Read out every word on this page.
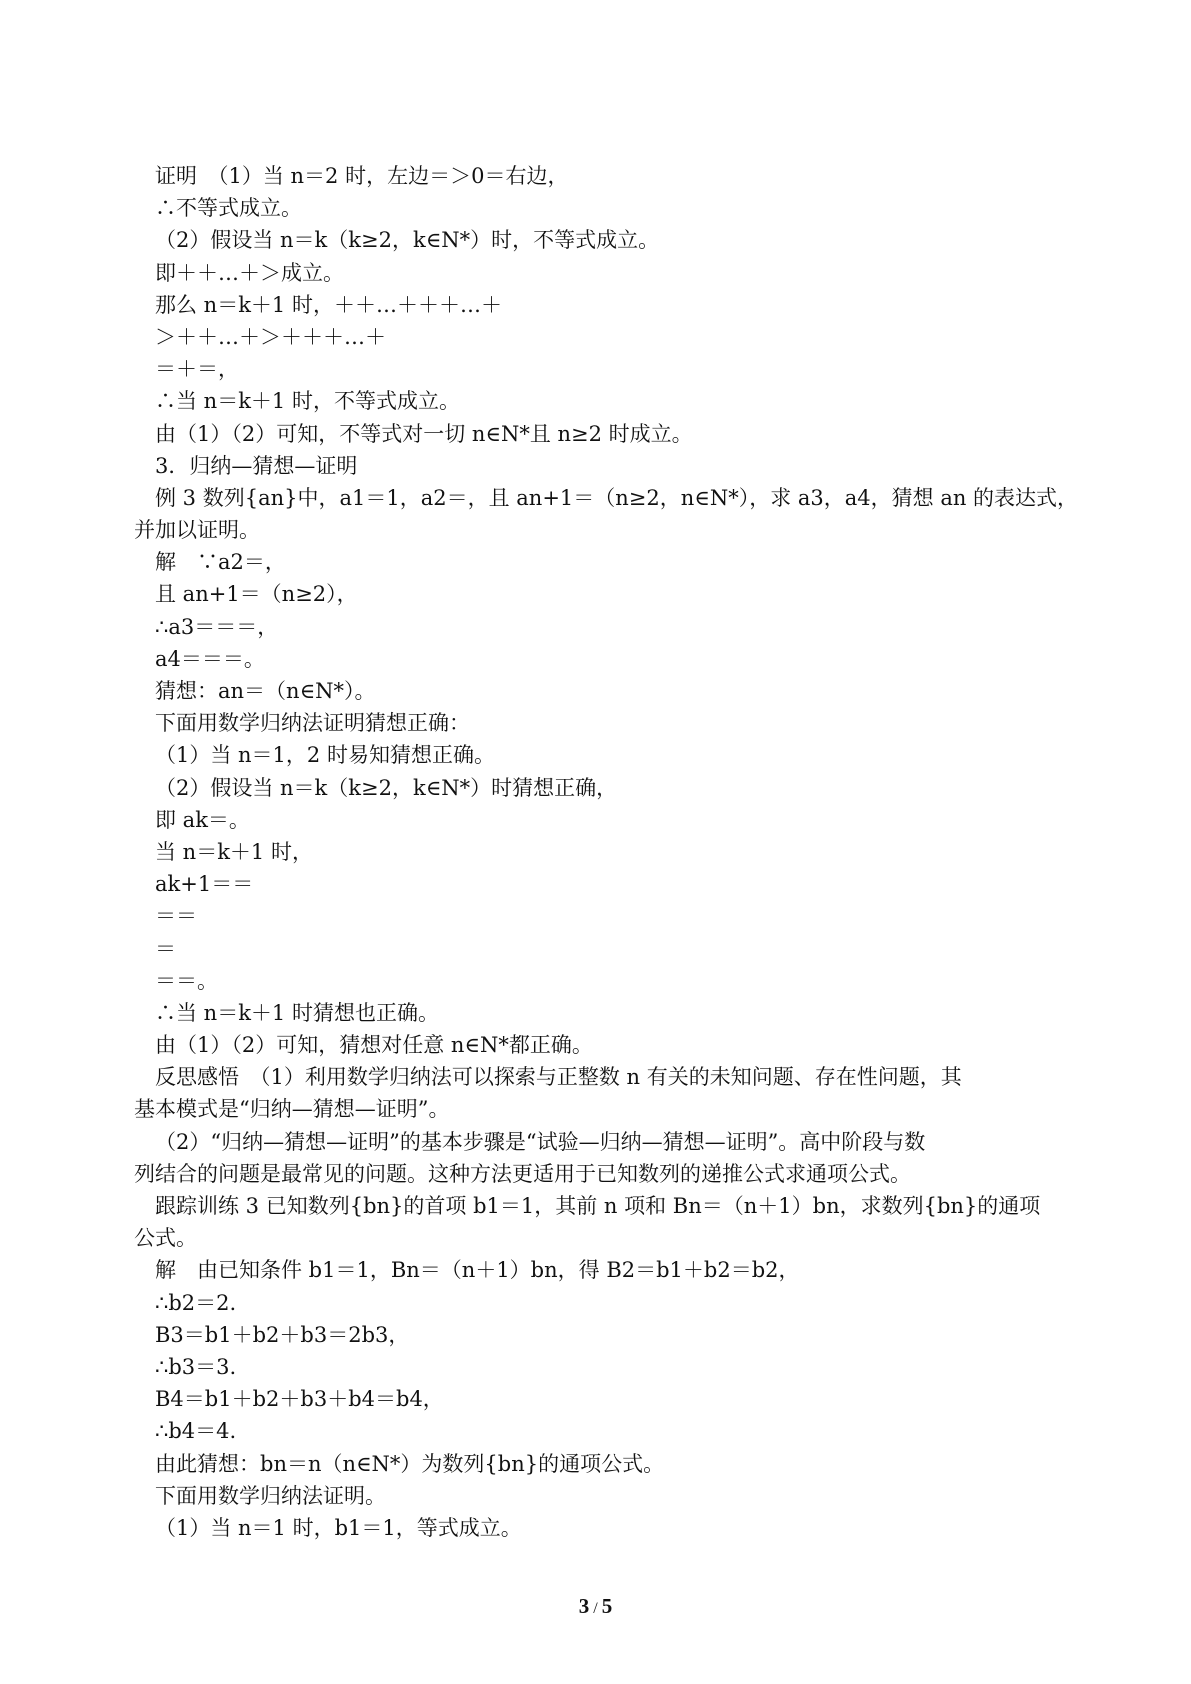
证明　（1）当 n＝2 时，左边＝＞0＝右边，
∴不等式成立。
（2）假设当 n＝k（k≥2，k∈N*）时，不等式成立。
即＋＋…＋＞成立。
那么 n＝k＋1 时，＋＋…＋＋＋…＋
＞＋＋…＋＞＋＋＋…＋
＝＋＝，
∴当 n＝k＋1 时，不等式成立。
由（1）（2）可知，不等式对一切 n∈N*且 n≥2 时成立。
3．归纳—猜想—证明
例 3 数列{an}中，a1＝1，a2＝，且 an+1＝（n≥2，n∈N*），求 a3，a4，猜想 an 的表达式，
并加以证明。
解　∵a2＝，
且 an+1＝（n≥2），
∴a3＝＝＝，
a4＝＝＝。
猜想：an＝（n∈N*）。
下面用数学归纳法证明猜想正确：
（1）当 n＝1，2 时易知猜想正确。
（2）假设当 n＝k（k≥2，k∈N*）时猜想正确，
即 ak＝。
当 n＝k＋1 时，
ak+1＝＝
＝＝
＝
＝＝。
∴当 n＝k＋1 时猜想也正确。
由（1）（2）可知，猜想对任意 n∈N*都正确。
反思感悟　（1）利用数学归纳法可以探索与正整数 n 有关的未知问题、存在性问题，其
基本模式是“归纳—猜想—证明”。
（2）“归纳—猜想—证明”的基本步骤是“试验—归纳—猜想—证明”。高中阶段与数
列结合的问题是最常见的问题。这种方法更适用于已知数列的递推公式求通项公式。
跟踪训练 3 已知数列{bn}的首项 b1＝1，其前 n 项和 Bn＝（n＋1）bn，求数列{bn}的通项
公式。
解　由已知条件 b1＝1，Bn＝（n＋1）bn，得 B2＝b1＋b2＝b2，
∴b2＝2.
B3＝b1＋b2＋b3＝2b3，
∴b3＝3.
B4＝b1＋b2＋b3＋b4＝b4，
∴b4＝4.
由此猜想：bn＝n（n∈N*）为数列{bn}的通项公式。
下面用数学归纳法证明。
（1）当 n＝1 时，b1＝1，等式成立。
3 / 5
